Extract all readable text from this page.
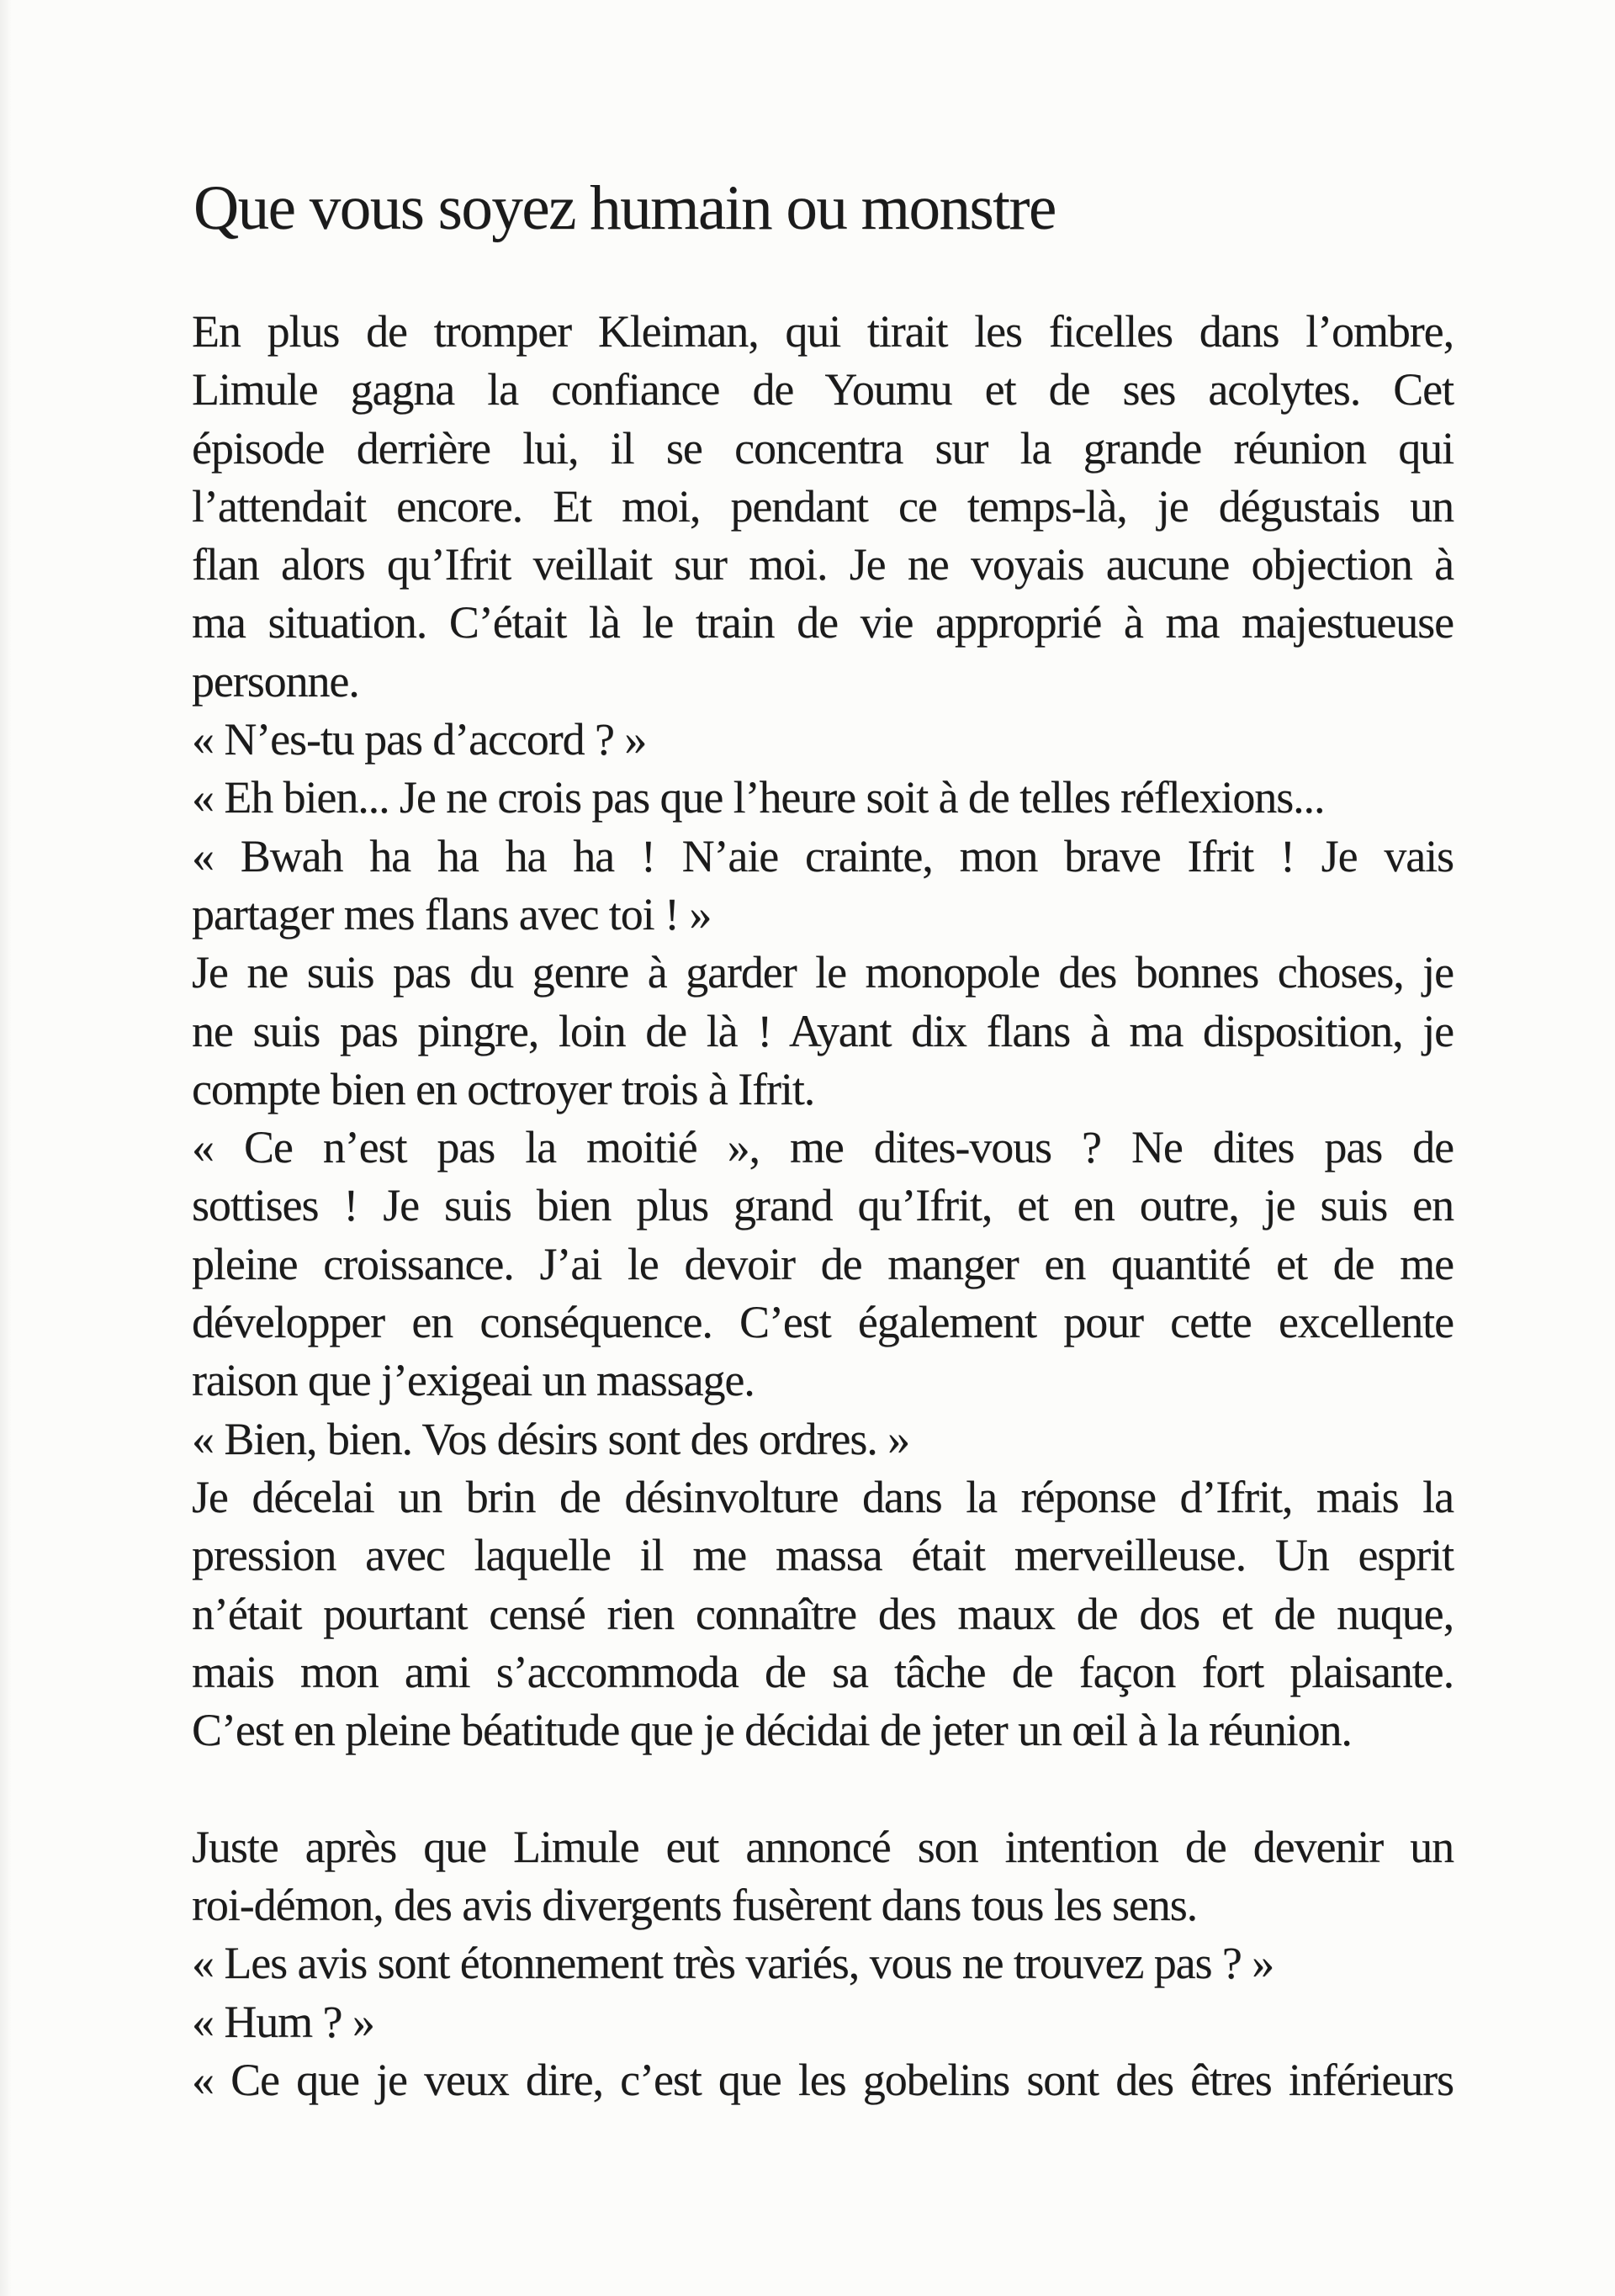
Que vous soyez humain ou monstre
En plus de tromper Kleiman, qui tirait les ficelles dans l’ombre,
Limule gagna la confiance de Youmu et de ses acolytes. Cet
épisode derrière lui, il se concentra sur la grande réunion qui
l’attendait encore. Et moi, pendant ce temps-là, je dégustais un
flan alors qu’Ifrit veillait sur moi. Je ne voyais aucune objection à
ma situation. C’était là le train de vie approprié à ma majestueuse
personne.
« N’es-tu pas d’accord ? »
« Eh bien... Je ne crois pas que l’heure soit à de telles réflexions...
« Bwah ha ha ha ha ! N’aie crainte, mon brave Ifrit ! Je vais
partager mes flans avec toi ! »
Je ne suis pas du genre à garder le monopole des bonnes choses, je
ne suis pas pingre, loin de là ! Ayant dix flans à ma disposition, je
compte bien en octroyer trois à Ifrit.
« Ce n’est pas la moitié », me dites-vous ? Ne dites pas de
sottises ! Je suis bien plus grand qu’Ifrit, et en outre, je suis en
pleine croissance. J’ai le devoir de manger en quantité et de me
développer en conséquence. C’est également pour cette excellente
raison que j’exigeai un massage.
« Bien, bien. Vos désirs sont des ordres. »
Je décelai un brin de désinvolture dans la réponse d’Ifrit, mais la
pression avec laquelle il me massa était merveilleuse. Un esprit
n’était pourtant censé rien connaître des maux de dos et de nuque,
mais mon ami s’accommoda de sa tâche de façon fort plaisante.
C’est en pleine béatitude que je décidai de jeter un œil à la réunion.
Juste après que Limule eut annoncé son intention de devenir un
roi-démon, des avis divergents fusèrent dans tous les sens.
« Les avis sont étonnement très variés, vous ne trouvez pas ? »
« Hum ? »
« Ce que je veux dire, c’est que les gobelins sont des êtres inférieurs
